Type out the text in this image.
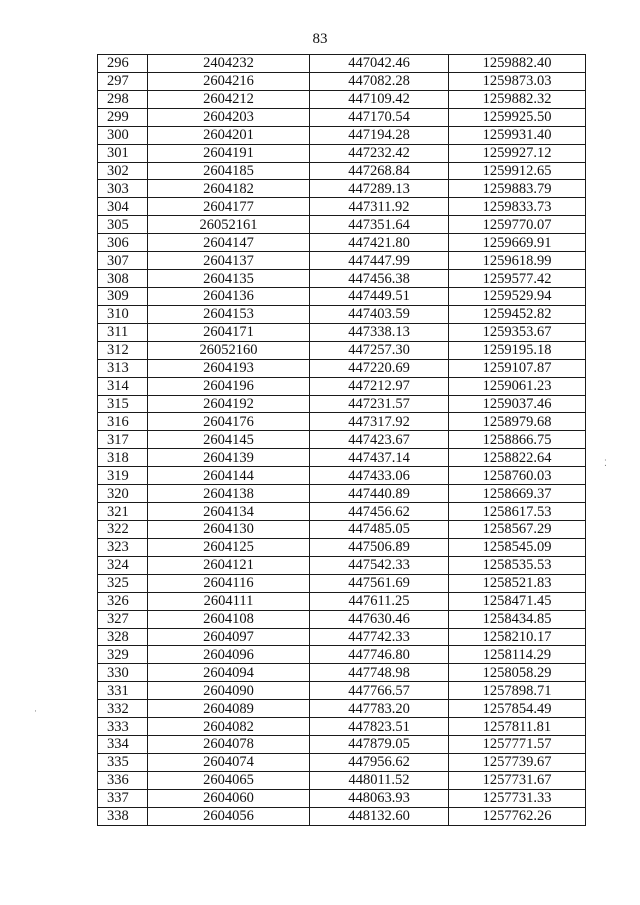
83
296	2404232	447042.46	1259882.40
297	2604216	447082.28	1259873.03
298	2604212	447109.42	1259882.32
299	2604203	447170.54	1259925.50
300	2604201	447194.28	1259931.40
301	2604191	447232.42	1259927.12
302	2604185	447268.84	1259912.65
303	2604182	447289.13	1259883.79
304	2604177	447311.92	1259833.73
305	26052161	447351.64	1259770.07
306	2604147	447421.80	1259669.91
307	2604137	447447.99	1259618.99
308	2604135	447456.38	1259577.42
309	2604136	447449.51	1259529.94
310	2604153	447403.59	1259452.82
311	2604171	447338.13	1259353.67
312	26052160	447257.30	1259195.18
313	2604193	447220.69	1259107.87
314	2604196	447212.97	1259061.23
315	2604192	447231.57	1259037.46
316	2604176	447317.92	1258979.68
317	2604145	447423.67	1258866.75
318	2604139	447437.14	1258822.64
319	2604144	447433.06	1258760.03
320	2604138	447440.89	1258669.37
321	2604134	447456.62	1258617.53
322	2604130	447485.05	1258567.29
323	2604125	447506.89	1258545.09
324	2604121	447542.33	1258535.53
325	2604116	447561.69	1258521.83
326	2604111	447611.25	1258471.45
327	2604108	447630.46	1258434.85
328	2604097	447742.33	1258210.17
329	2604096	447746.80	1258114.29
330	2604094	447748.98	1258058.29
331	2604090	447766.57	1257898.71
332	2604089	447783.20	1257854.49
333	2604082	447823.51	1257811.81
334	2604078	447879.05	1257771.57
335	2604074	447956.62	1257739.67
336	2604065	448011.52	1257731.67
337	2604060	448063.93	1257731.33
338	2604056	448132.60	1257762.26
⁚
·
